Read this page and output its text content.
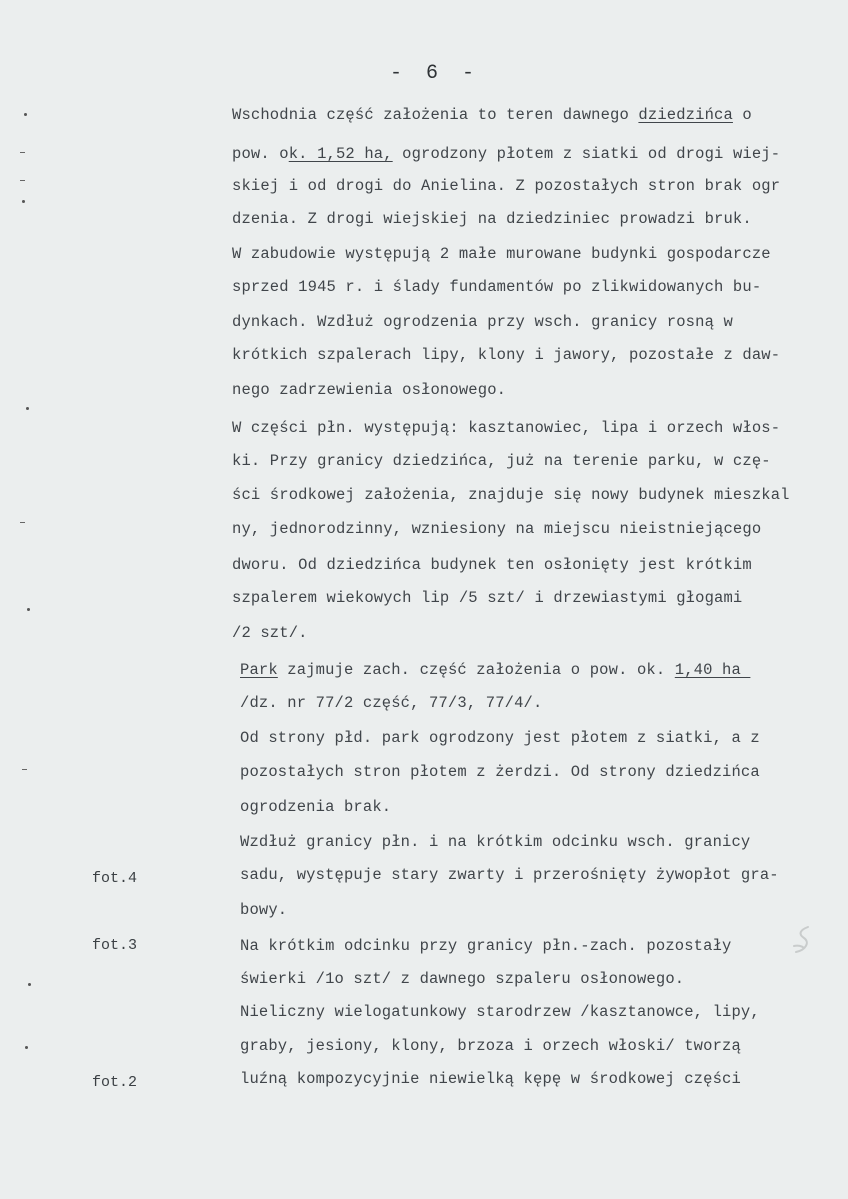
- 6 -
fot.4
fot.3
fot.2
Wschodnia część założenia to teren dawnego dziedzińca o
pow. ok. 1,52 ha, ogrodzony płotem z siatki od drogi wiej-
skiej i od drogi do Anielina. Z pozostałych stron brak ogr
dzenia. Z drogi wiejskiej na dziedziniec prowadzi bruk.
W zabudowie występują 2 małe murowane budynki gospodarcze
sprzed 1945 r. i ślady fundamentów po zlikwidowanych bu-
dynkach. Wzdłuż ogrodzenia przy wsch. granicy rosną w
krótkich szpalerach lipy, klony i jawory, pozostałe z daw-
nego zadrzewienia osłonowego.
W części płn. występują: kasztanowiec, lipa i orzech włos-
ki. Przy granicy dziedzińca, już na terenie parku, w czę-
ści środkowej założenia, znajduje się nowy budynek mieszkal
ny, jednorodzinny, wzniesiony na miejscu nieistniejącego
dworu. Od dziedzińca budynek ten osłonięty jest krótkim
szpalerem wiekowych lip /5 szt/ i drzewiastymi głogami
/2 szt/.
Park zajmuje zach. część założenia o pow. ok. 1,40 ha
/dz. nr 77/2 część, 77/3, 77/4/.
Od strony płd. park ogrodzony jest płotem z siatki, a z
pozostałych stron płotem z żerdzi. Od strony dziedzińca
ogrodzenia brak.
Wzdłuż granicy płn. i na krótkim odcinku wsch. granicy
sadu, występuje stary zwarty i przerośnięty żywopłot gra-
bowy.
Na krótkim odcinku przy granicy płn.-zach. pozostały
świerki /1o szt/ z dawnego szpaleru osłonowego.
Nieliczny wielogatunkowy starodrzew /kasztanowce, lipy,
graby, jesiony, klony, brzoza i orzech włoski/ tworzą
luźną kompozycyjnie niewielką kępę w środkowej części
